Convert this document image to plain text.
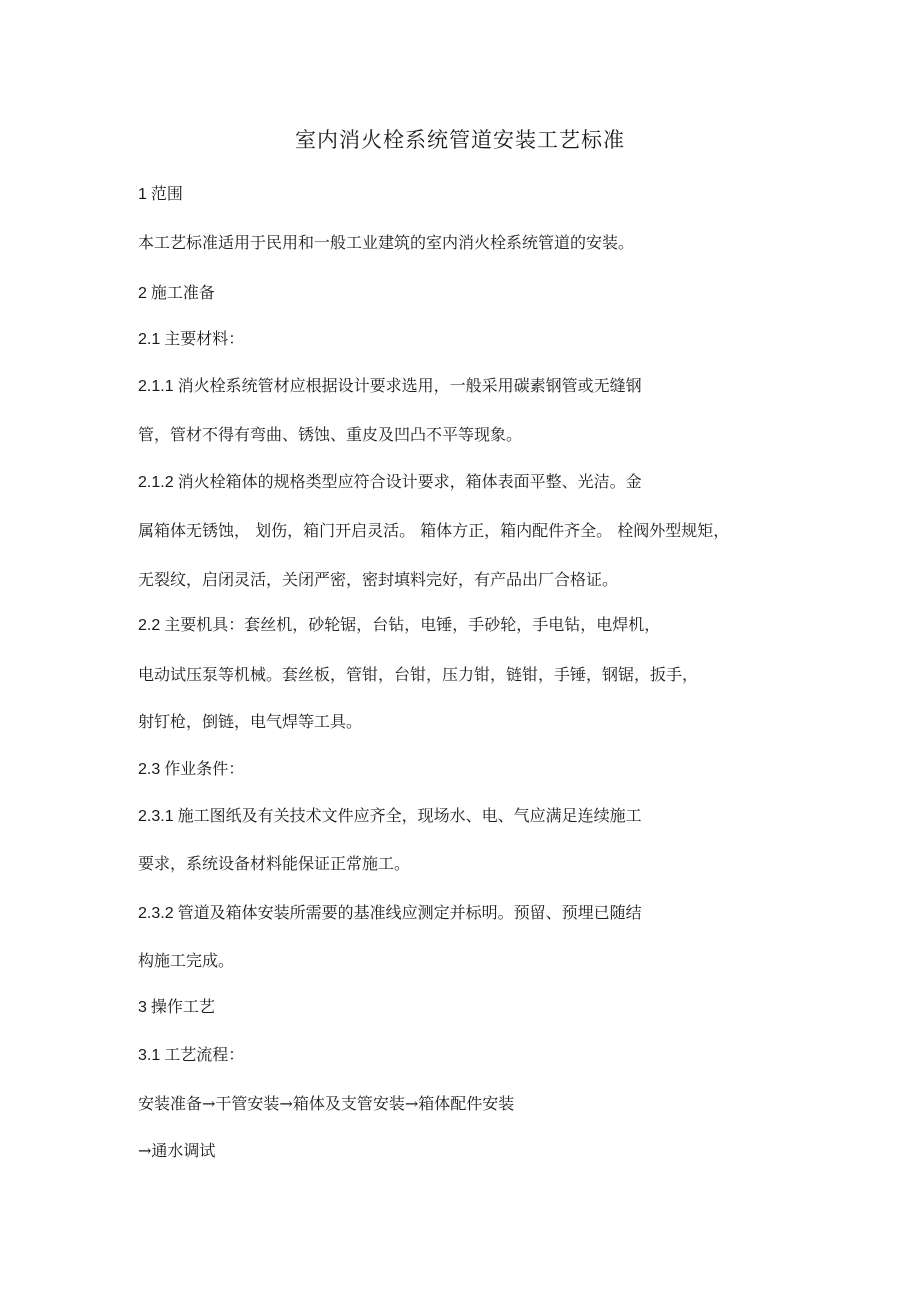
室内消火栓系统管道安装工艺标准
1 范围
本工艺标准适用于民用和一般工业建筑的室内消火栓系统管道的安装。
2 施工准备
2.1 主要材料：
2.1.1 消火栓系统管材应根据设计要求选用，一般采用碳素钢管或无缝钢
管，管材不得有弯曲、锈蚀、重皮及凹凸不平等现象。
2.1.2 消火栓箱体的规格类型应符合设计要求，箱体表面平整、光洁。金
属箱体无锈蚀， 划伤，箱门开启灵活。 箱体方正，箱内配件齐全。 栓阀外型规矩，
无裂纹，启闭灵活，关闭严密，密封填料完好，有产品出厂合格证。
2.2 主要机具：套丝机，砂轮锯，台钻，电锤，手砂轮，手电钻，电焊机，
电动试压泵等机械。套丝板，管钳，台钳，压力钳，链钳，手锤，钢锯，扳手，
射钉枪，倒链，电气焊等工具。
2.3 作业条件：
2.3.1 施工图纸及有关技术文件应齐全，现场水、电、气应满足连续施工
要求，系统设备材料能保证正常施工。
2.3.2 管道及箱体安装所需要的基准线应测定并标明。预留、预埋已随结
构施工完成。
3 操作工艺
3.1 工艺流程：
安装准备→干管安装→箱体及支管安装→箱体配件安装
→通水调试
